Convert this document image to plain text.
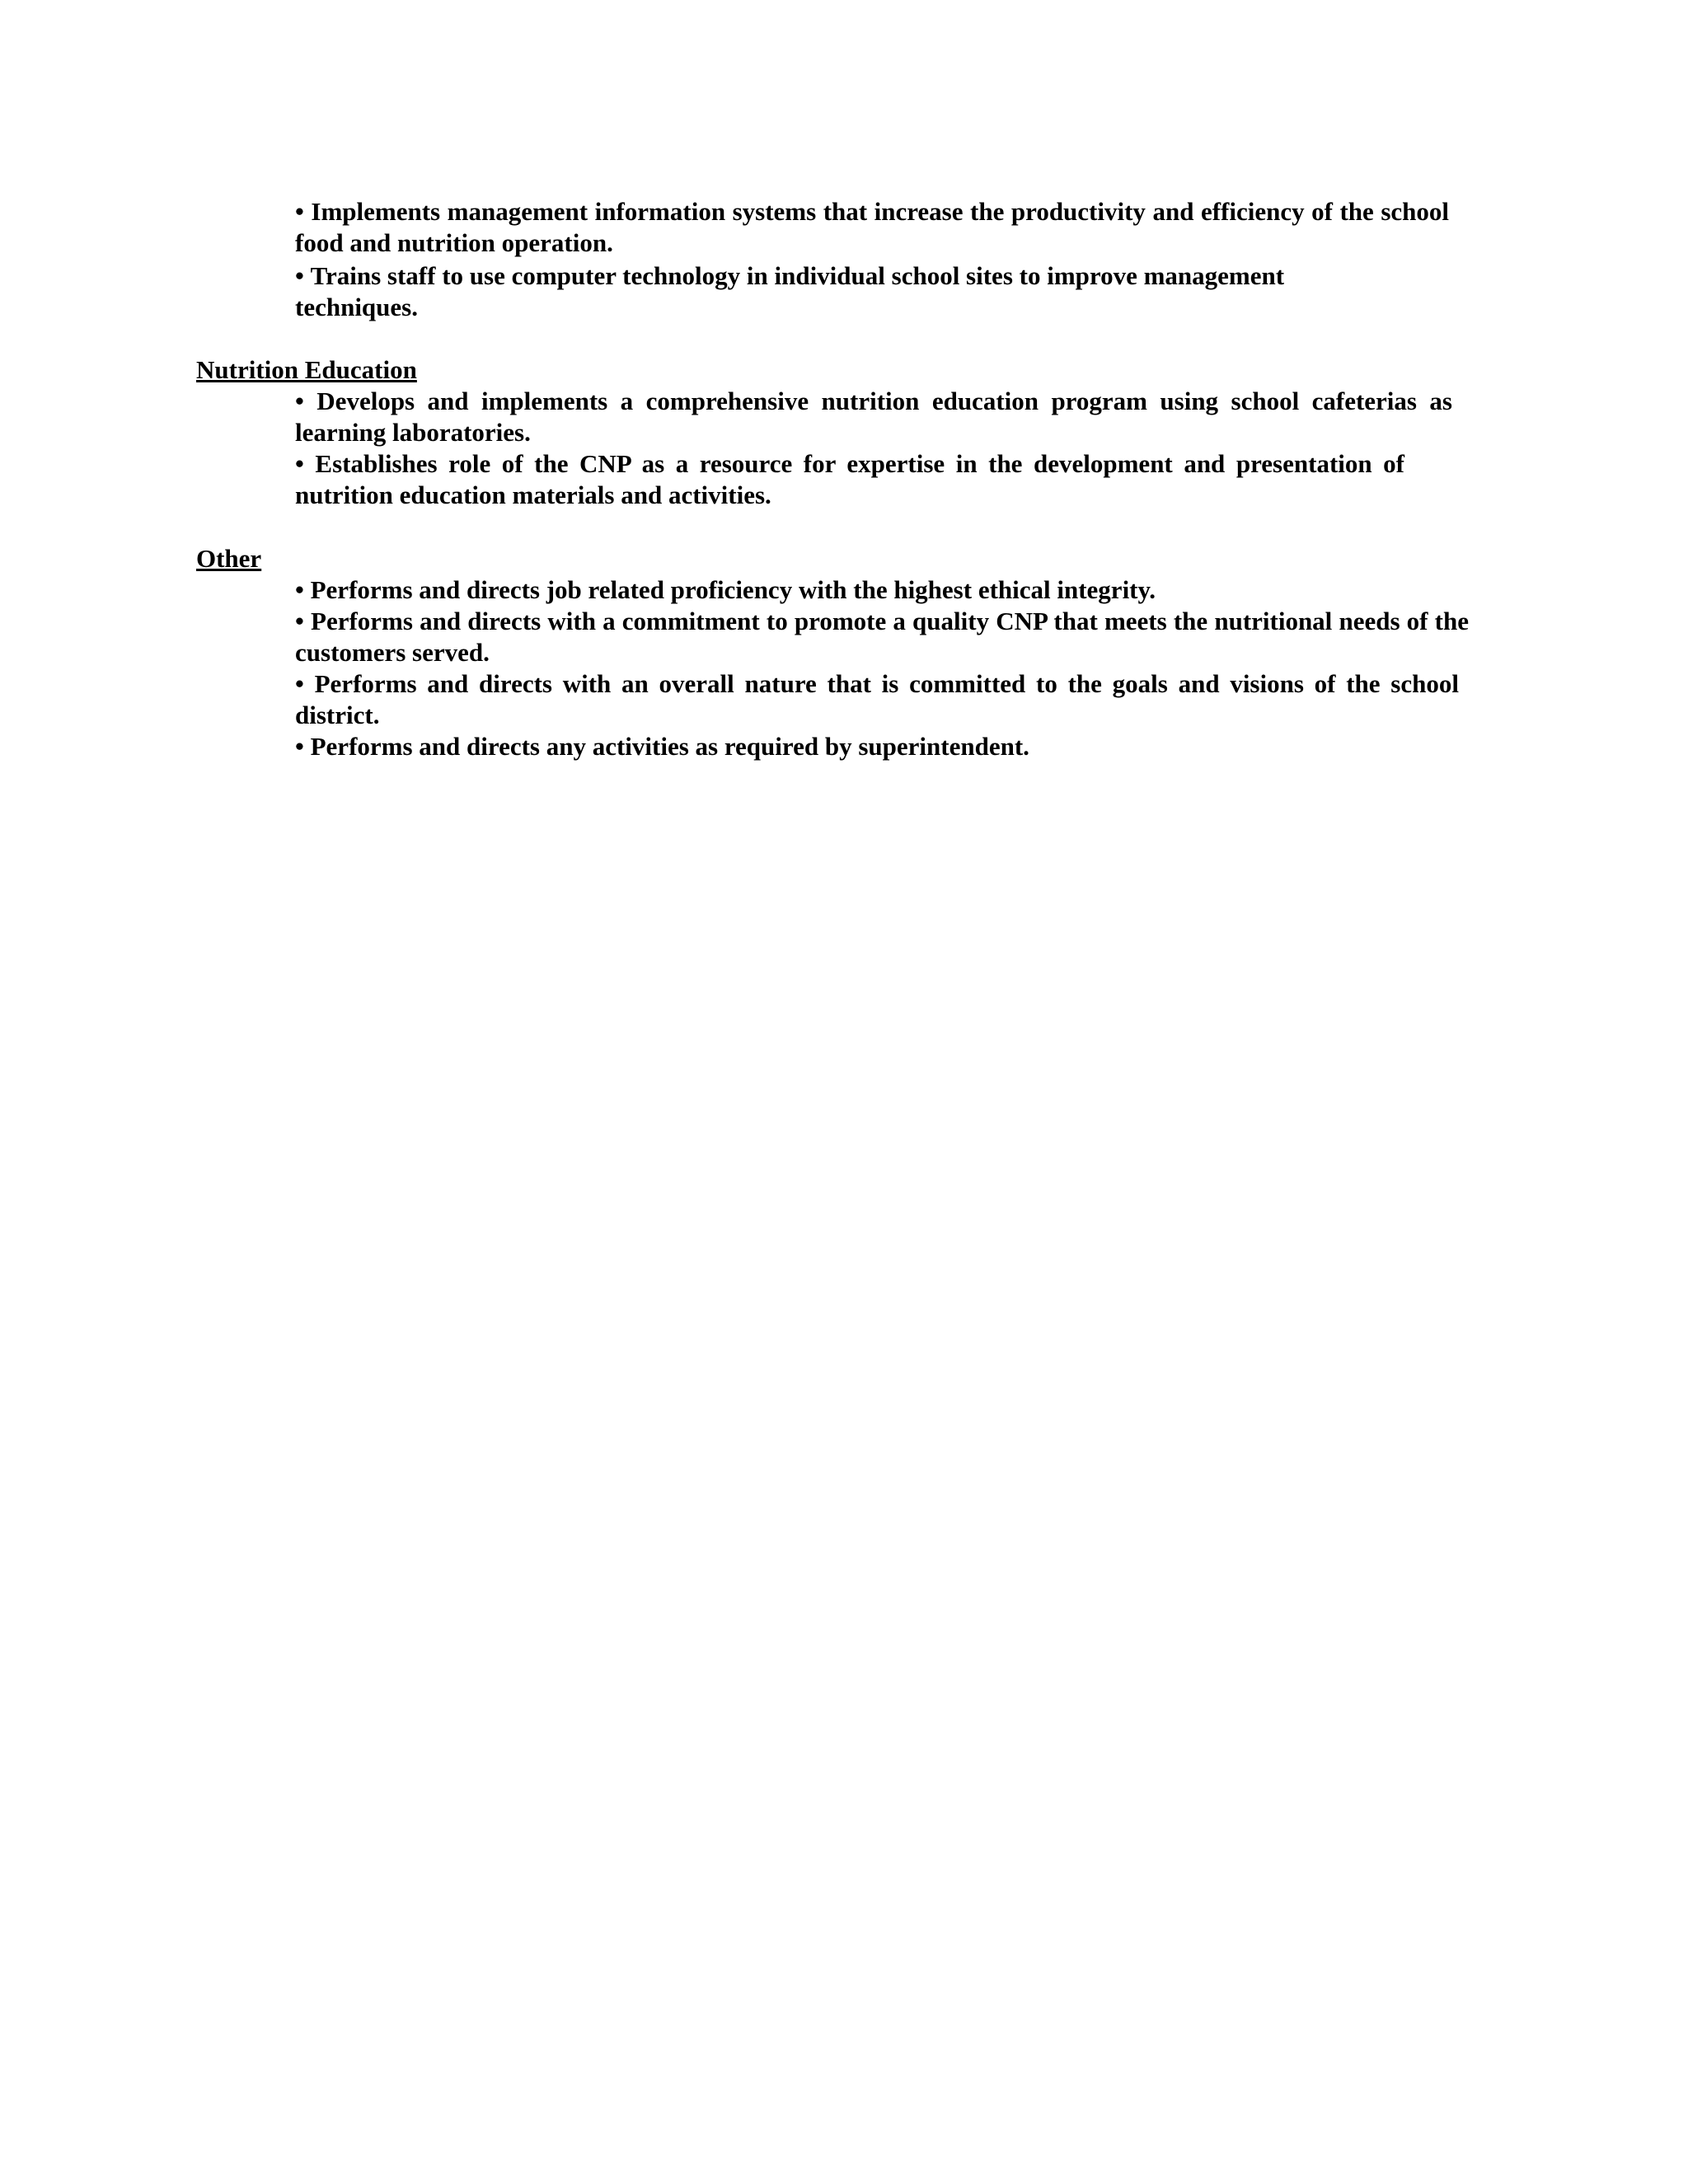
• Implements management information systems that increase the productivity and efficiency of the school food and nutrition operation.
• Trains staff to use computer technology in individual school sites to improve management techniques.
Nutrition Education
• Develops and implements a comprehensive nutrition education program using school cafeterias as learning laboratories.
• Establishes role of the CNP as a resource for expertise in the development and presentation of nutrition education materials and activities.
Other
• Performs and directs job related proficiency with the highest ethical integrity.
• Performs and directs with a commitment to promote a quality CNP that meets the nutritional needs of the customers served.
• Performs and directs with an overall nature that is committed to the goals and visions of the school district.
• Performs and directs any activities as required by superintendent.
